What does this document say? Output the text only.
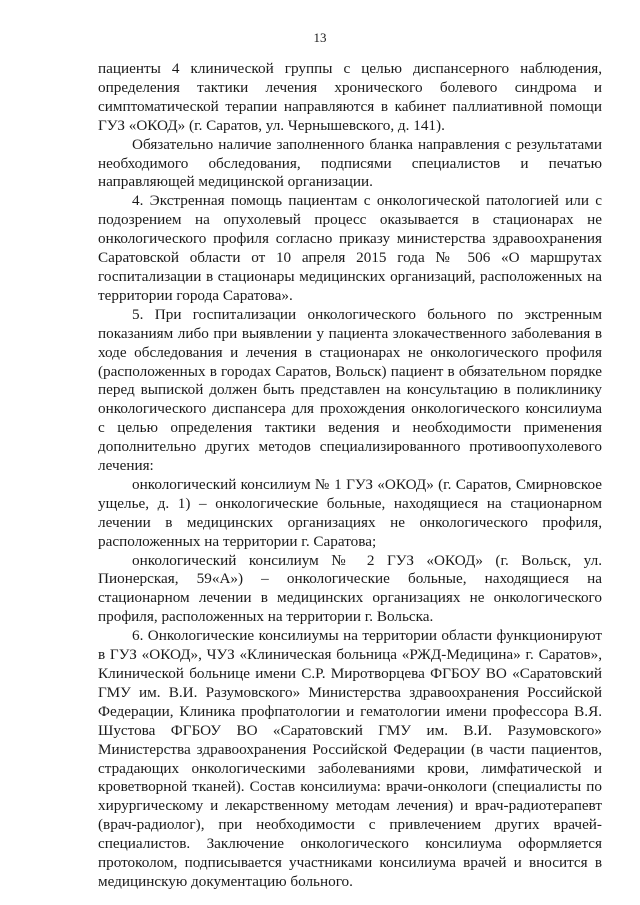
13

пациенты 4 клинической группы с целью диспансерного наблюдения, определения тактики лечения хронического болевого синдрома и симптоматической терапии направляются в кабинет паллиативной помощи ГУЗ «ОКОД» (г. Саратов, ул. Чернышевского, д. 141).

Обязательно наличие заполненного бланка направления с результатами необходимого обследования, подписями специалистов и печатью направляющей медицинской организации.

4. Экстренная помощь пациентам с онкологической патологией или с подозрением на опухолевый процесс оказывается в стационарах не онкологического профиля согласно приказу министерства здравоохранения Саратовской области от 10 апреля 2015 года № 506 «О маршрутах госпитализации в стационары медицинских организаций, расположенных на территории города Саратова».

5. При госпитализации онкологического больного по экстренным показаниям либо при выявлении у пациента злокачественного заболевания в ходе обследования и лечения в стационарах не онкологического профиля (расположенных в городах Саратов, Вольск) пациент в обязательном порядке перед выпиской должен быть представлен на консультацию в поликлинику онкологического диспансера для прохождения онкологического консилиума с целью определения тактики ведения и необходимости применения дополнительно других методов специализированного противоопухолевого лечения:

онкологический консилиум № 1 ГУЗ «ОКОД» (г. Саратов, Смирновское ущелье, д. 1) – онкологические больные, находящиеся на стационарном лечении в медицинских организациях не онкологического профиля, расположенных на территории г. Саратова;

онкологический консилиум № 2 ГУЗ «ОКОД» (г. Вольск, ул. Пионерская, 59«А») – онкологические больные, находящиеся на стационарном лечении в медицинских организациях не онкологического профиля, расположенных на территории г. Вольска.

6. Онкологические консилиумы на территории области функционируют в ГУЗ «ОКОД», ЧУЗ «Клиническая больница «РЖД-Медицина» г. Саратов», Клинической больнице имени С.Р. Миротворцева ФГБОУ ВО «Саратовский ГМУ им. В.И. Разумовского» Министерства здравоохранения Российской Федерации, Клиника профпатологии и гематологии имени профессора В.Я. Шустова ФГБОУ ВО «Саратовский ГМУ им. В.И. Разумовского» Министерства здравоохранения Российской Федерации (в части пациентов, страдающих онкологическими заболеваниями крови, лимфатической и кроветворной тканей). Состав консилиума: врачи-онкологи (специалисты по хирургическому и лекарственному методам лечения) и врач-радиотерапевт (врач-радиолог), при необходимости с привлечением других врачей-специалистов. Заключение онкологического консилиума оформляется протоколом, подписывается участниками консилиума врачей и вносится в медицинскую документацию больного.
